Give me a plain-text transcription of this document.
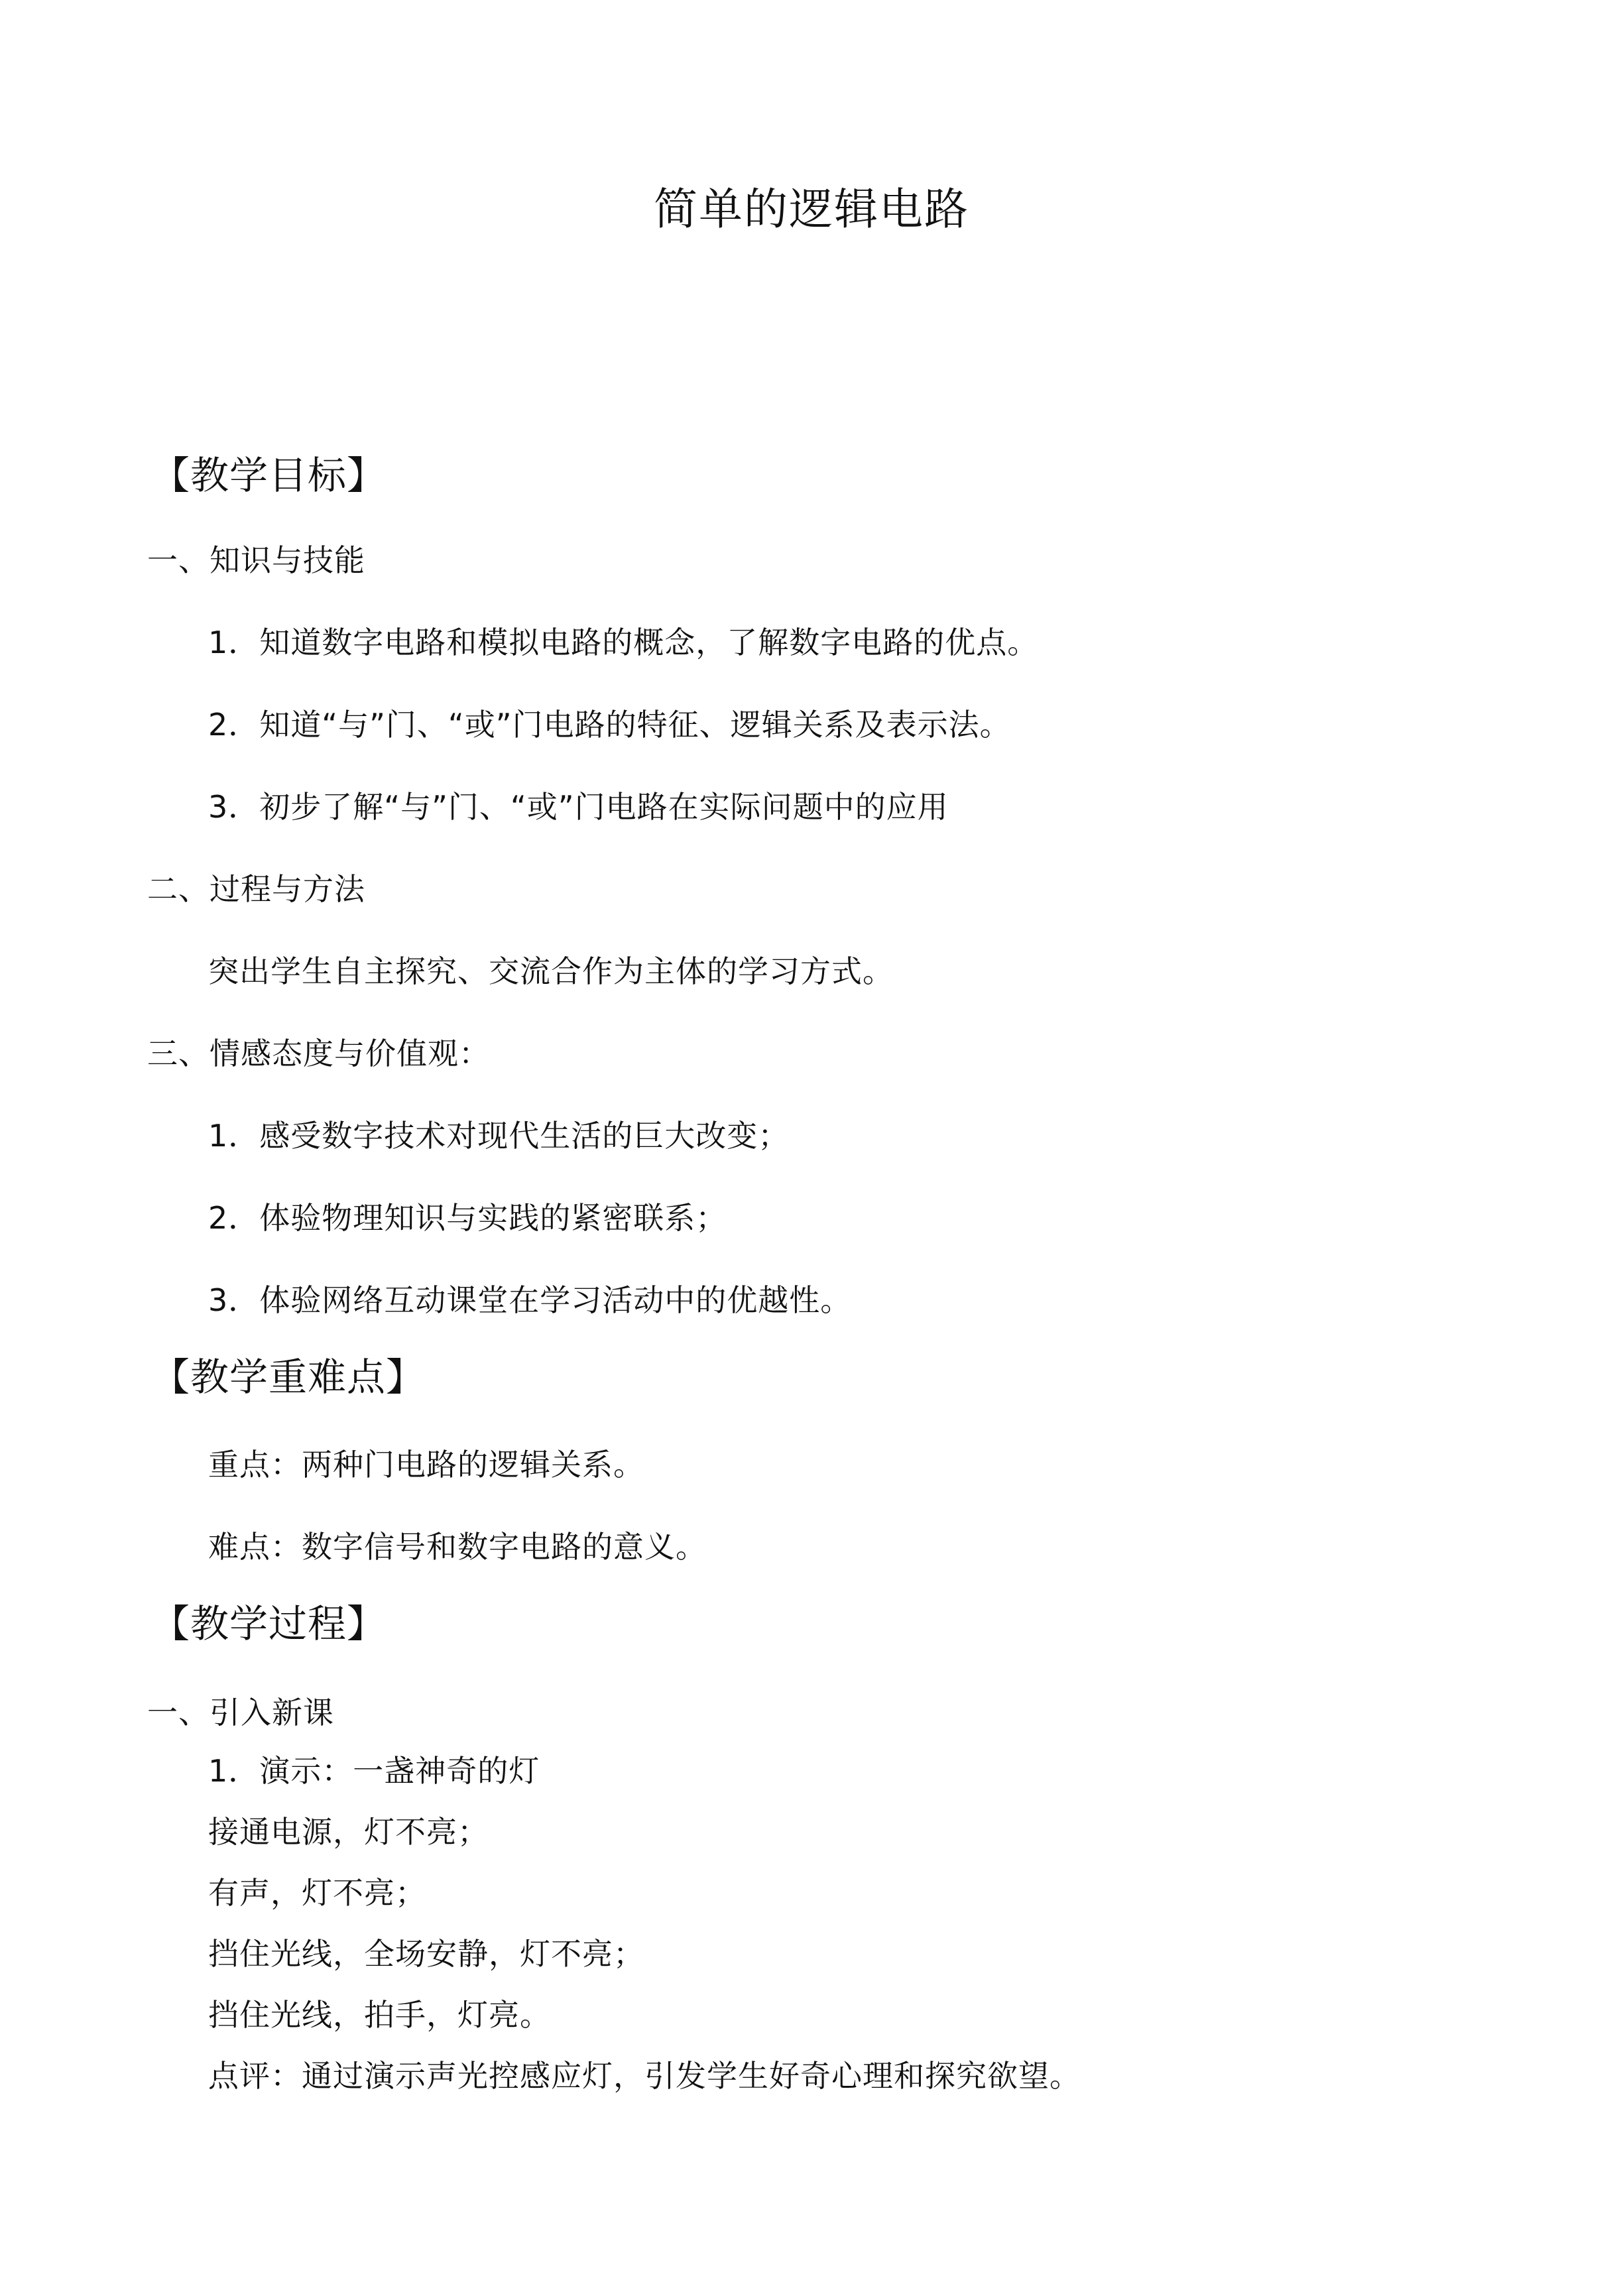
简单的逻辑电路
【教学目标】
一、知识与技能
1．知道数字电路和模拟电路的概念，了解数字电路的优点。
2．知道“与”门、“或”门电路的特征、逻辑关系及表示法。
3．初步了解“与”门、“或”门电路在实际问题中的应用
二、过程与方法
突出学生自主探究、交流合作为主体的学习方式。
三、情感态度与价值观：
1．感受数字技术对现代生活的巨大改变；
2．体验物理知识与实践的紧密联系；
3．体验网络互动课堂在学习活动中的优越性。
【教学重难点】
重点：两种门电路的逻辑关系。
难点：数字信号和数字电路的意义。
【教学过程】
一、引入新课
1．演示：一盏神奇的灯
接通电源，灯不亮；
有声，灯不亮；
挡住光线，全场安静，灯不亮；
挡住光线，拍手，灯亮。
点评：通过演示声光控感应灯，引发学生好奇心理和探究欲望。
